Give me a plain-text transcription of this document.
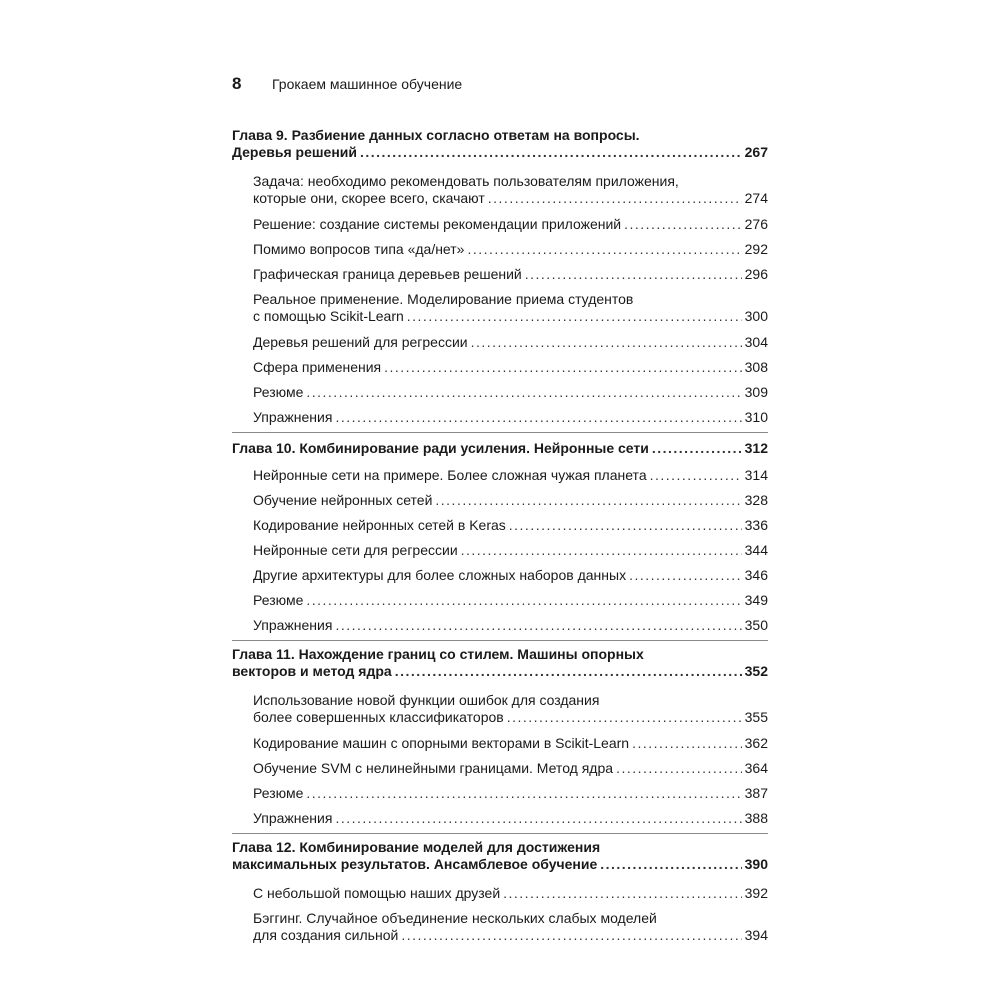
8	Грокаем машинное обучение
Глава 9. Разбиение данных согласно ответам на вопросы.
Деревья решений . . .	267
Задача: необходимо рекомендовать пользователям приложения,
которые они, скорее всего, скачают . . .	274
Решение: создание системы рекомендации приложений . . .	276
Помимо вопросов типа «да/нет» . . .	292
Графическая граница деревьев решений . . .	296
Реальное применение. Моделирование приема студентов
с помощью Scikit-Learn . . .	300
Деревья решений для регрессии . . .	304
Сфера применения . . .	308
Резюме . . .	309
Упражнения . . .	310
Глава 10. Комбинирование ради усиления. Нейронные сети . . .	312
Нейронные сети на примере. Более сложная чужая планета . . .	314
Обучение нейронных сетей . . .	328
Кодирование нейронных сетей в Keras . . .	336
Нейронные сети для регрессии . . .	344
Другие архитектуры для более сложных наборов данных . . .	346
Резюме . . .	349
Упражнения . . .	350
Глава 11. Нахождение границ со стилем. Машины опорных
векторов и метод ядра . . .	352
Использование новой функции ошибок для создания
более совершенных классификаторов . . .	355
Кодирование машин с опорными векторами в Scikit-Learn . . .	362
Обучение SVM с нелинейными границами. Метод ядра . . .	364
Резюме . . .	387
Упражнения . . .	388
Глава 12. Комбинирование моделей для достижения
максимальных результатов. Ансамблевое обучение . . .	390
С небольшой помощью наших друзей . . .	392
Бэггинг. Случайное объединение нескольких слабых моделей
для создания сильной . . .	394
